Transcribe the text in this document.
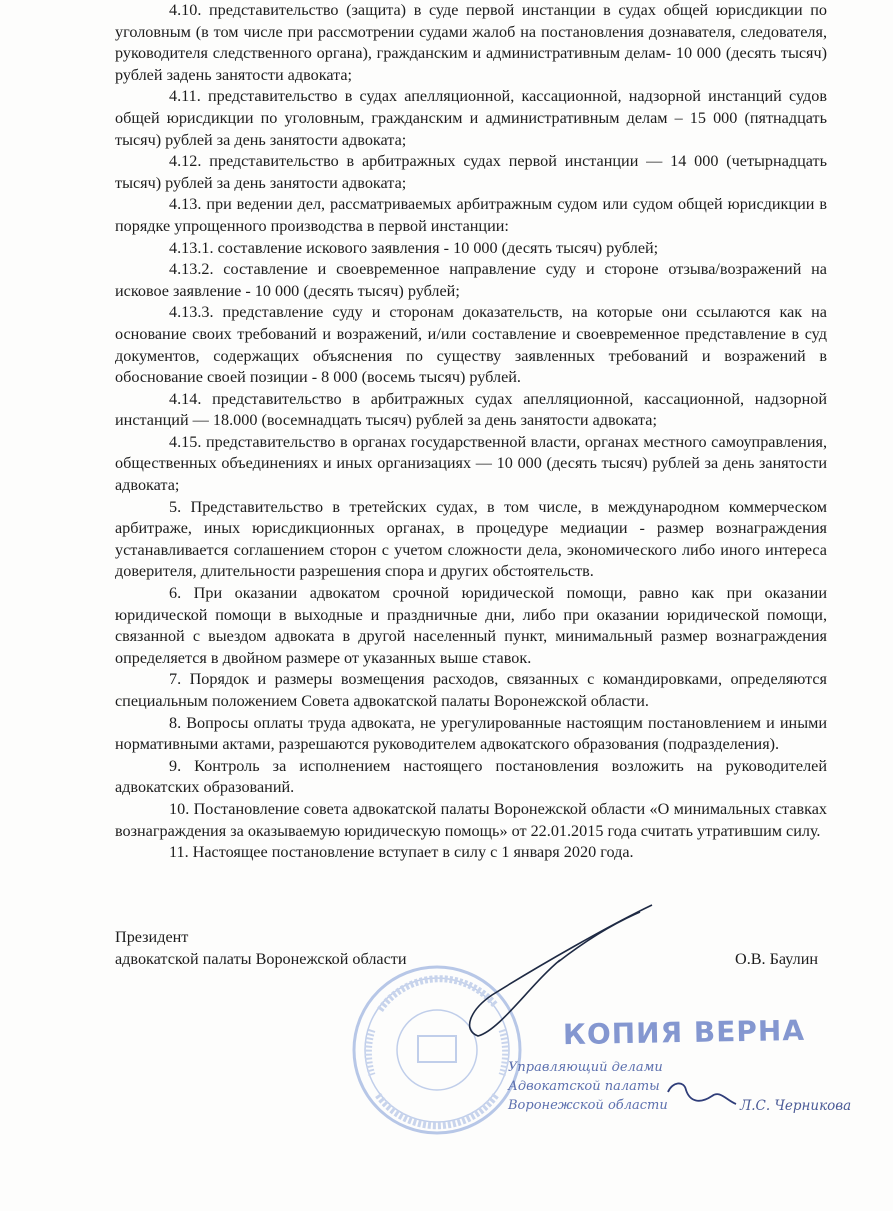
4.10. представительство (защита) в суде первой инстанции в судах общей юрисдикции по уголовным (в том числе при рассмотрении судами жалоб на постановления дознавателя, следователя, руководителя следственного органа), гражданским и административным делам- 10 000 (десять тысяч) рублей задень занятости адвоката;

4.11. представительство в судах апелляционной, кассационной, надзорной инстанций судов общей юрисдикции по уголовным, гражданским и административным делам – 15 000 (пятнадцать тысяч) рублей за день занятости адвоката;

4.12. представительство в арбитражных судах первой инстанции — 14 000 (четырнадцать тысяч) рублей за день занятости адвоката;

4.13. при ведении дел, рассматриваемых арбитражным судом или судом общей юрисдикции в порядке упрощенного производства в первой инстанции:

4.13.1. составление искового заявления - 10 000 (десять тысяч) рублей;

4.13.2. составление и своевременное направление суду и стороне отзыва/возражений на исковое заявление - 10 000 (десять тысяч) рублей;

4.13.3. представление суду и сторонам доказательств, на которые они ссылаются как на основание своих требований и возражений, и/или составление и своевременное представление в суд документов, содержащих объяснения по существу заявленных требований и возражений в обоснование своей позиции - 8 000 (восемь тысяч) рублей.

4.14. представительство в арбитражных судах апелляционной, кассационной, надзорной инстанций — 18.000 (восемнадцать тысяч) рублей за день занятости адвоката;

4.15. представительство в органах государственной власти, органах местного самоуправления, общественных объединениях и иных организациях — 10 000 (десять тысяч) рублей за день занятости адвоката;

5. Представительство в третейских судах, в том числе, в международном коммерческом арбитраже, иных юрисдикционных органах, в процедуре медиации - размер вознаграждения устанавливается соглашением сторон с учетом сложности дела, экономического либо иного интереса доверителя, длительности разрешения спора и других обстоятельств.

6. При оказании адвокатом срочной юридической помощи, равно как при оказании юридической помощи в выходные и праздничные дни, либо при оказании юридической помощи, связанной с выездом адвоката в другой населенный пункт, минимальный размер вознаграждения определяется в двойном размере от указанных выше ставок.

7. Порядок и размеры возмещения расходов, связанных с командировками, определяются специальным положением Совета адвокатской палаты Воронежской области.

8. Вопросы оплаты труда адвоката, не урегулированные настоящим постановлением и иными нормативными актами, разрешаются руководителем адвокатского образования (подразделения).

9. Контроль за исполнением настоящего постановления возложить на руководителей адвокатских образований.

10. Постановление совета адвокатской палаты Воронежской области «О минимальных ставках вознаграждения за оказываемую юридическую помощь» от 22.01.2015 года считать утратившим силу.

11. Настоящее постановление вступает в силу с 1 января 2020 года.

Президент
адвокатской палаты Воронежской области	О.В. Баулин
КОПИЯ ВЕРНА
Управляющий делами
Адвокатской палаты
Воронежской области	Л.С. Черникова
